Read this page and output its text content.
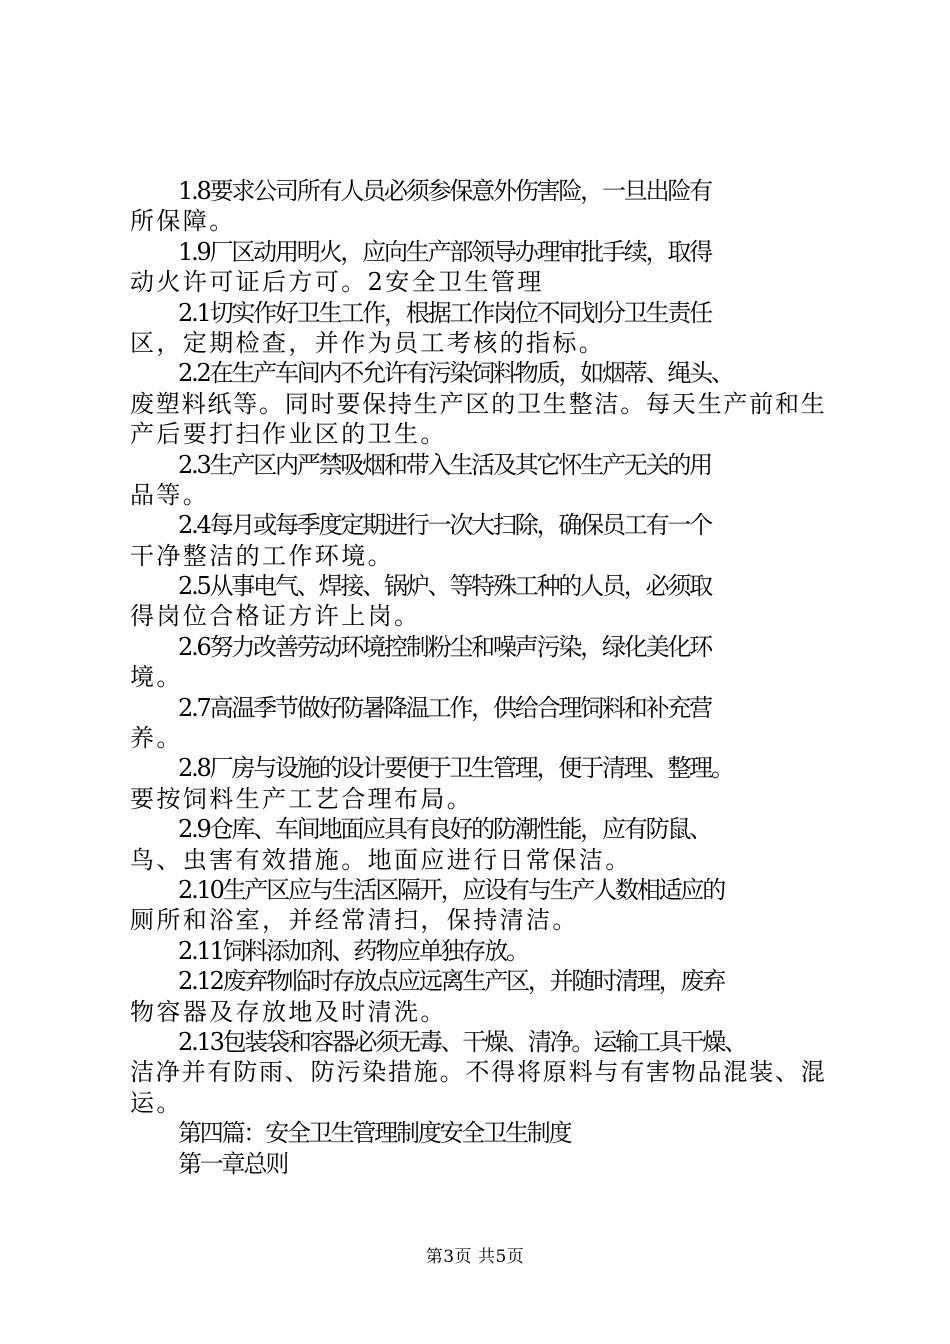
1.8要求公司所有人员必须参保意外伤害险，一旦出险有
所保障。
1.9厂区动用明火，应向生产部领导办理审批手续，取得
动火许可证后方可。2安全卫生管理
2.1切实作好卫生工作，根据工作岗位不同划分卫生责任
区，定期检查，并作为员工考核的指标。
2.2在生产车间内不允许有污染饲料物质，如烟蒂、绳头、
废塑料纸等。同时要保持生产区的卫生整洁。每天生产前和生
产后要打扫作业区的卫生。
2.3生产区内严禁吸烟和带入生活及其它怀生产无关的用
品等。
2.4每月或每季度定期进行一次大扫除，确保员工有一个
干净整洁的工作环境。
2.5从事电气、焊接、锅炉、等特殊工种的人员，必须取
得岗位合格证方许上岗。
2.6努力改善劳动环境控制粉尘和噪声污染，绿化美化环
境。
2.7高温季节做好防暑降温工作，供给合理饲料和补充营
养。
2.8厂房与设施的设计要便于卫生管理，便于清理、整理。
要按饲料生产工艺合理布局。
2.9仓库、车间地面应具有良好的防潮性能，应有防鼠、
鸟、虫害有效措施。地面应进行日常保洁。
2.10生产区应与生活区隔开，应设有与生产人数相适应的
厕所和浴室，并经常清扫，保持清洁。
2.11饲料添加剂、药物应单独存放。
2.12废弃物临时存放点应远离生产区，并随时清理，废弃
物容器及存放地及时清洗。
2.13包装袋和容器必须无毒、干燥、清净。运输工具干燥、
洁净并有防雨、防污染措施。不得将原料与有害物品混装、混
运。
第四篇：安全卫生管理制度安全卫生制度
第一章总则
第3页 共5页
